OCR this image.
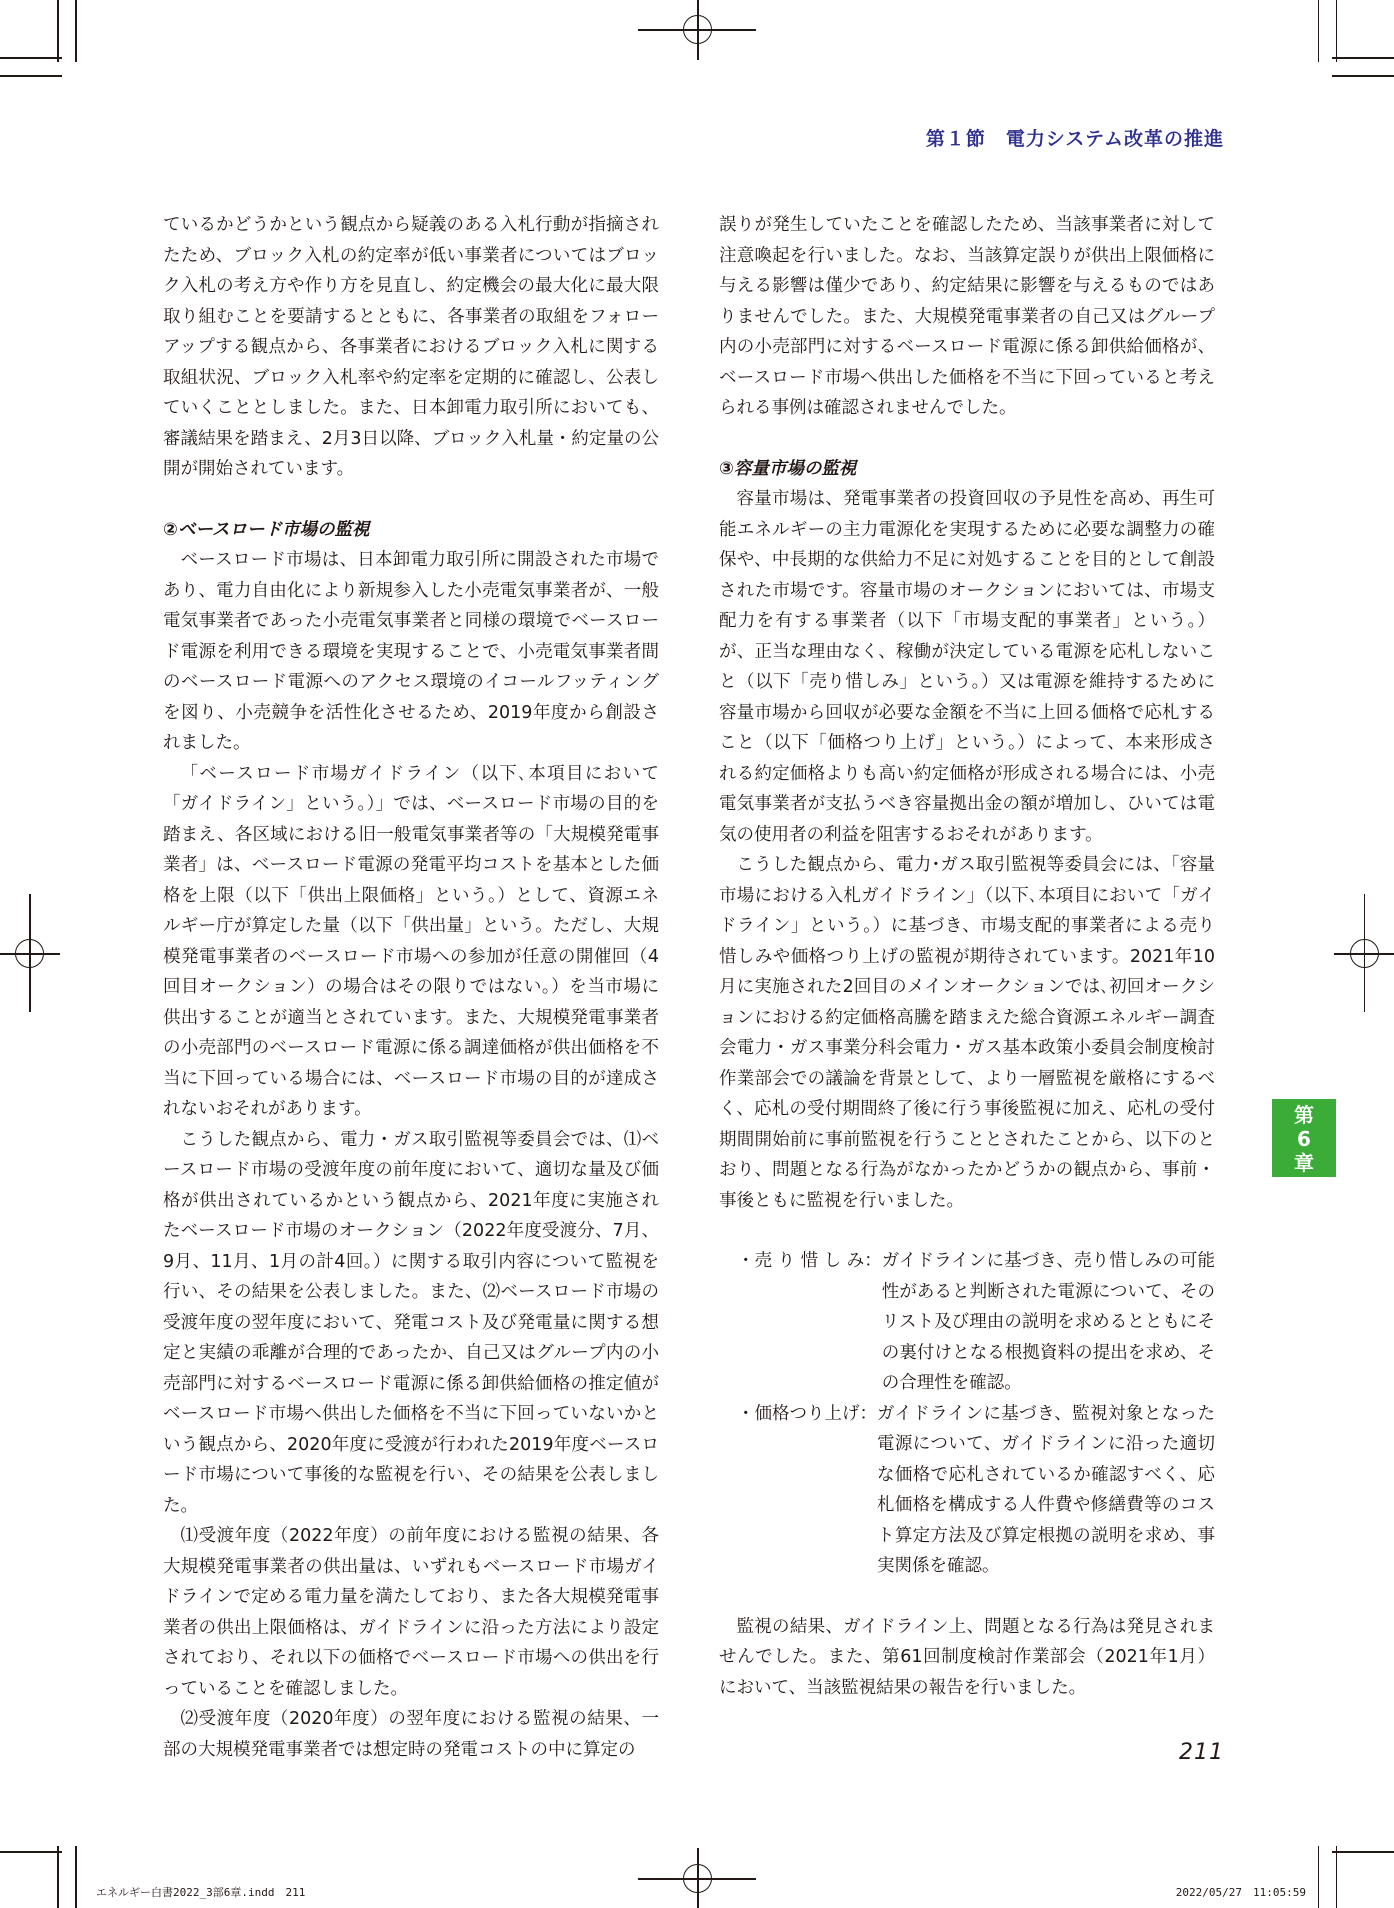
第１節　電力システム改革の推進

ているかどうかという観点から疑義のある入札行動が指摘されたため、ブロック入札の約定率が低い事業者についてはブロック入札の考え方や作り方を見直し、約定機会の最大化に最大限取り組むことを要請するとともに、各事業者の取組をフォローアップする観点から、各事業者におけるブロック入札に関する取組状況、ブロック入札率や約定率を定期的に確認し、公表していくこととしました。また、日本卸電力取引所においても、審議結果を踏まえ、2月3日以降、ブロック入札量・約定量の公開が開始されています。

②ベースロード市場の監視

ベースロード市場は、日本卸電力取引所に開設された市場であり、電力自由化により新規参入した小売電気事業者が、一般電気事業者であった小売電気事業者と同様の環境でベースロード電源を利用できる環境を実現することで、小売電気事業者間のベースロード電源へのアクセス環境のイコールフッティングを図り、小売競争を活性化させるため、2019年度から創設されました。

「ベースロード市場ガイドライン（以下､本項目において「ガイドライン」という。）」では、ベースロード市場の目的を踏まえ、各区域における旧一般電気事業者等の「大規模発電事業者」は、ベースロード電源の発電平均コストを基本とした価格を上限（以下「供出上限価格」という。）として、資源エネルギー庁が算定した量（以下「供出量」という。ただし、大規模発電事業者のベースロード市場への参加が任意の開催回（4回目オークション）の場合はその限りではない。）を当市場に供出することが適当とされています。また、大規模発電事業者の小売部門のベースロード電源に係る調達価格が供出価格を不当に下回っている場合には、ベースロード市場の目的が達成されないおそれがあります。

こうした観点から、電力・ガス取引監視等委員会では、⑴ベースロード市場の受渡年度の前年度において、適切な量及び価格が供出されているかという観点から、2021年度に実施されたベースロード市場のオークション（2022年度受渡分、7月、9月、11月、1月の計4回。）に関する取引内容について監視を行い、その結果を公表しました。また、⑵ベースロード市場の受渡年度の翌年度において、発電コスト及び発電量に関する想定と実績の乖離が合理的であったか、自己又はグループ内の小売部門に対するベースロード電源に係る卸供給価格の推定値がベースロード市場へ供出した価格を不当に下回っていないかという観点から、2020年度に受渡が行われた2019年度ベースロード市場について事後的な監視を行い、その結果を公表しました。

⑴受渡年度（2022年度）の前年度における監視の結果、各大規模発電事業者の供出量は、いずれもベースロード市場ガイドラインで定める電力量を満たしており、また各大規模発電事業者の供出上限価格は、ガイドラインに沿った方法により設定されており、それ以下の価格でベースロード市場への供出を行っていることを確認しました。

⑵受渡年度（2020年度）の翌年度における監視の結果、一部の大規模発電事業者では想定時の発電コストの中に算定の

誤りが発生していたことを確認したため、当該事業者に対して注意喚起を行いました。なお、当該算定誤りが供出上限価格に与える影響は僅少であり、約定結果に影響を与えるものではありませんでした。また、大規模発電事業者の自己又はグループ内の小売部門に対するベースロード電源に係る卸供給価格が、ベースロード市場へ供出した価格を不当に下回っていると考えられる事例は確認されませんでした。

③容量市場の監視

容量市場は、発電事業者の投資回収の予見性を高め、再生可能エネルギーの主力電源化を実現するために必要な調整力の確保や、中長期的な供給力不足に対処することを目的として創設された市場です。容量市場のオークションにおいては、市場支配力を有する事業者（以下「市場支配的事業者」という。）が、正当な理由なく、稼働が決定している電源を応札しないこと（以下「売り惜しみ」という。）又は電源を維持するために容量市場から回収が必要な金額を不当に上回る価格で応札すること（以下「価格つり上げ」という。）によって、本来形成される約定価格よりも高い約定価格が形成される場合には、小売電気事業者が支払うべき容量拠出金の額が増加し、ひいては電気の使用者の利益を阻害するおそれがあります。

こうした観点から、電力･ガス取引監視等委員会には、「容量市場における入札ガイドライン」（以下､本項目において「ガイドライン」という。）に基づき、市場支配的事業者による売り惜しみや価格つり上げの監視が期待されています。2021年10月に実施された2回目のメインオークションでは､初回オークションにおける約定価格高騰を踏まえた総合資源エネルギー調査会電力・ガス事業分科会電力・ガス基本政策小委員会制度検討作業部会での議論を背景として、より一層監視を厳格にするべく、応札の受付期間終了後に行う事後監視に加え、応札の受付期間開始前に事前監視を行うこととされたことから、以下のとおり、問題となる行為がなかったかどうかの観点から、事前・事後ともに監視を行いました。

・売 り 惜 し み： ガイドラインに基づき、売り惜しみの可能性があると判断された電源について、そのリスト及び理由の説明を求めるとともにその裏付けとなる根拠資料の提出を求め、その合理性を確認。
・価格つり上げ： ガイドラインに基づき、監視対象となった電源について、ガイドラインに沿った適切な価格で応札されているか確認すべく、応札価格を構成する人件費や修繕費等のコスト算定方法及び算定根拠の説明を求め、事実関係を確認。

監視の結果、ガイドライン上、問題となる行為は発見されませんでした。また、第61回制度検討作業部会（2021年1月）において、当該監視結果の報告を行いました。

第
6
章
211
エネルギー白書2022_3部6章.indd　211	2022/05/27　11:05:59
